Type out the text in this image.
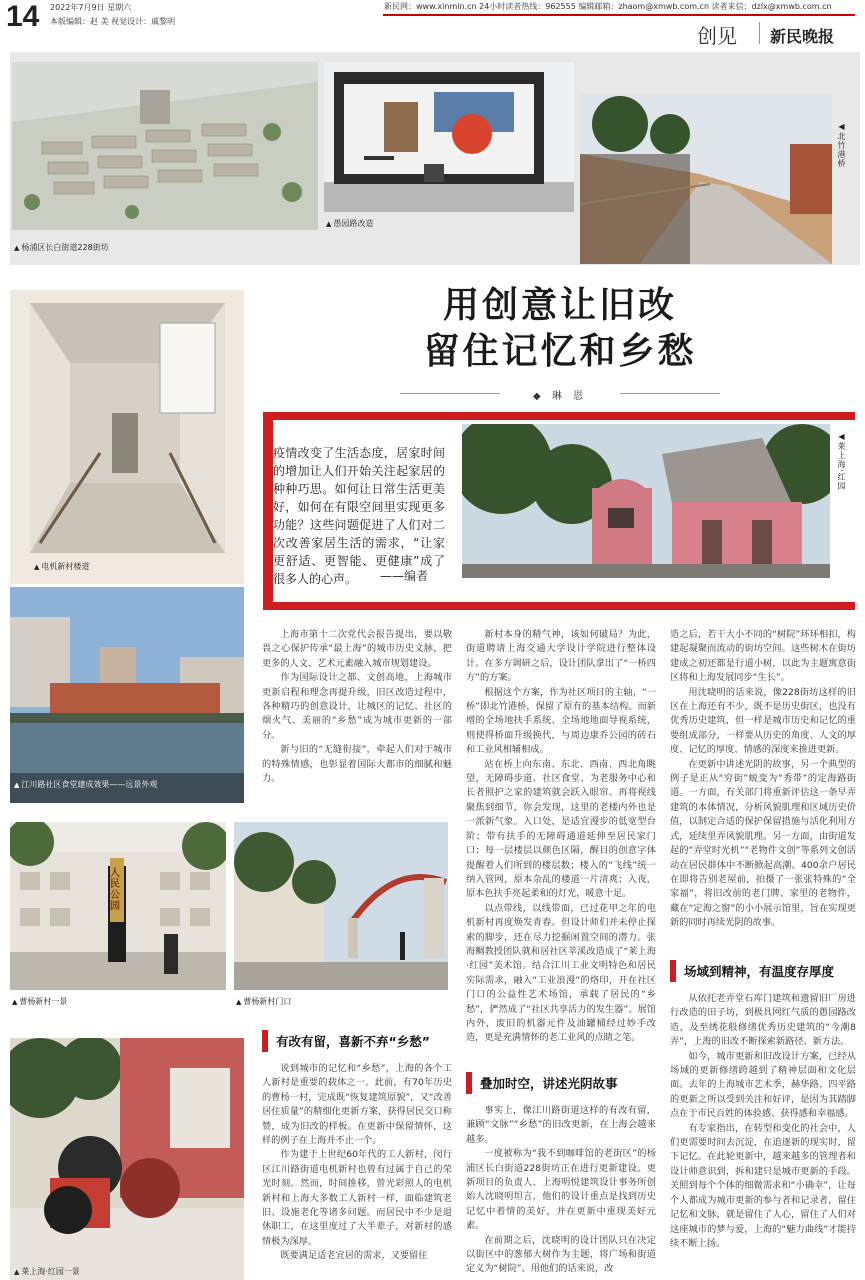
14 2022年7月9日 星期六
本版编辑：赵 美 视觉设计：戚黎明
新民网：www.xinmin.cn 24小时读者热线：962555 编辑邮箱：zhaom@xmwb.com.cn 读者来信：dzlx@xmwb.com.cn
创见 新民晚报
▲ 杨浦区长白街道228街坊
▲ 愚园路改造
◀北竹港桥
▲ 电机新村楼道
▲ 江川路社区食堂建成效果——远景外观
人民公园
▲ 曹杨新村一景	▲ 曹杨新村门口
▲ 莱上海·红园一景
用创意让旧改
留住记忆和乡愁
◆ 琳 恩
疫情改变了生活态度，居家时间的增加让人们开始关注起家居的种种巧思。如何让日常生活更美好，如何在有限空间里实现更多功能？这些问题促进了人们对二次改善家居生活的需求，“让家更舒适、更智能、更健康”成了很多人的心声。	——编者
◀莱上海·红园

上海市第十二次党代会报告提出，要以敬畏之心保护传承“最上海”的城市历史文脉，把更多的人文、艺术元素融入城市规划建设。

作为国际设计之都、文创高地，上海城市更新启程和理念再提升级，旧区改造过程中，各种精巧的创意设计，让城区的记忆、社区的烟火气、美丽的“乡愁”成为城市更新的一部分。

新与旧的“无缝衔接”，牵起人们对于城市的特殊情感，也彰显着国际大都市的细腻和魅力。

有改有留，喜新不弃“乡愁”

说到城市的记忆和“乡愁”，上海的各个工人新村是重要的载体之一。此前，有70年历史的曹杨一村，完成既“恢复建筑原貌”，又“改善居住质量”的精细化更新方案，获得居民交口称赞，成为旧改的样板。在更新中保留情怀，这样的例子在上海并不止一个。

作为建于上世纪60年代的工人新村，闵行区江川路街道电机新村也曾有过属于自己的荣光时刻。然而，时间推移，曾光彩照人的电机新村和上海大多数工人新村一样，面临建筑老旧、设施老化等诸多问题。而居民中不少是退休职工，在这里度过了大半辈子，对新村的感情极为深厚。

既要满足适老宜居的需求，又要留住

新村本身的精气神，该如何破局？为此，街道聘请上海交通大学设计学院进行整体设计。在多方调研之后，设计团队拿出了“一桥四方”的方案。

根据这个方案，作为社区项目的主轴，“一桥”即北竹港桥，保留了原有的基本结构。而新增的全场地扶手系统、全场地地面导视系统，则使得桥面升级换代，与周边康乔公园的砖石和工业风相辅相成。

站在桥上向东南、东北、西南、西北角眺望，无障碍步道、社区食堂、为老服务中心和长者照护之家的建筑就会跃入眼帘。再将视线聚焦到细节，你会发现，这里的老楼内外也是一派新气象。入口处，是适宜漫步的低宽型台阶；带有扶手的无障碍通道延伸至居民家门口；每一层楼层以颜色区隔，醒目的创意字体提醒着人们所到的楼层数；楼入的“飞线”统一纳入管网，原本杂乱的楼道一片清爽；入夜，原本色扶手亮起柔和的灯光，暖意十足。

以点带线，以线带面，已过花甲之年的电机新村再度焕发青春。但设计师们并未停止探索的脚步，还在尽力挖掘闲置空间的潜力。张海鲷教授团队就和居社区莘溪改造成了“莱上海·红园”美术馆。结合江川工业文明特色和居民实际需求，融入“工业浪漫”的烙印，开在社区门口的公益性艺术场馆，承载了居民的“乡愁”，俨然成了“社区共享活力的发生器”。展馆内外，废旧的机器元件及油罐桶经过妙手改造，更是充满情怀的老工业风的点睛之笔。

叠加时空，讲述光阴故事

事实上，像江川路街道这样的有改有留，兼顾“文脉”“乡愁”的旧改更新，在上海会越来越多。

一度被称为“我不到咖啡馆的老街区”的杨浦区长白街道228街坊正在进行更新建设。更新项目的负责人、上海明悦建筑设计事务所创始人沈晓明坦言，他们的设计重点是找到历史记忆中着情的美好，并在更新中重现美好元素。

在前期之后，沈晓明的设计团队只在决定以街区中的葱郁大树作为主题，将广场和街道定义为“树院”。用他们的话来说，改

造之后，若干大小不同的“树院”环环相扣，构建起凝聚而流动的街坊空间。这些树木在街坊建成之初还都是行道小树，以此为主题寓意街区将和上海发展同步“生长”。

用沈晓明的话来说，像228街坊这样的旧区在上海还有不少，既不是历史街区，也没有优秀历史建筑，但一样是城市历史和记忆的重要组成部分，一样要从历史的角度、人文的厚度、记忆的厚度、情感的深度来推进更新。

在更新中讲述光阴的故事，另一个典型的例子是正从“穷街”蜕变为“秀带”的定海路街道。一方面，有关部门将重新评估这一条早弄建筑的本体情况，分析风貌肌理和区域历史价值，以制定合适的保护保留措施与活化利用方式，延续里弄风貌肌理。另一方面，由街道发起的“弄堂时光机”“老物件文创”等系列文创活动在居民群体中不断掀起高潮。400余户居民在即将告别老屋前，拍摄了一张张特殊的“全家福”，将旧改前的老门牌、家里的老物件，藏在“定海之窗”的小小展示馆里，旨在实现更新的同时再续光阴的故事。

场域到精神，有温度存厚度

从依托老弄堂石库门建筑和遗留旧厂房进行改造的田子坊，到极具网红气质的愚园路改造，及至绣花般修缮优秀历史建筑的“今潮8弄”，上海的旧改不断探索新路径、新方法。

如今，城市更新和旧改设计方案，已经从场域的更新修缮跨越到了精神层面和文化层面。去年的上海城市艺术季，赫华路、四平路的更新之所以受到关注和好评，是因为其踏脚点在于市民百姓的体验感、获得感和幸福感。

有专家指出，在转型和变化的社会中，人们更需要时间去沉淀，在追逐新的现实时，留下记忆。在此轮更新中，越来越多的管理者和设计师意识到，拆和建只是城市更新的手段。关照到每个个体的细微需求和“小确幸”，让每个人都成为城市更新的参与者和记录者，留住记忆和文脉，就是留住了人心，留住了人们对这座城市的梦与爱，上海的“魅力曲线”才能持续不断上扬。
